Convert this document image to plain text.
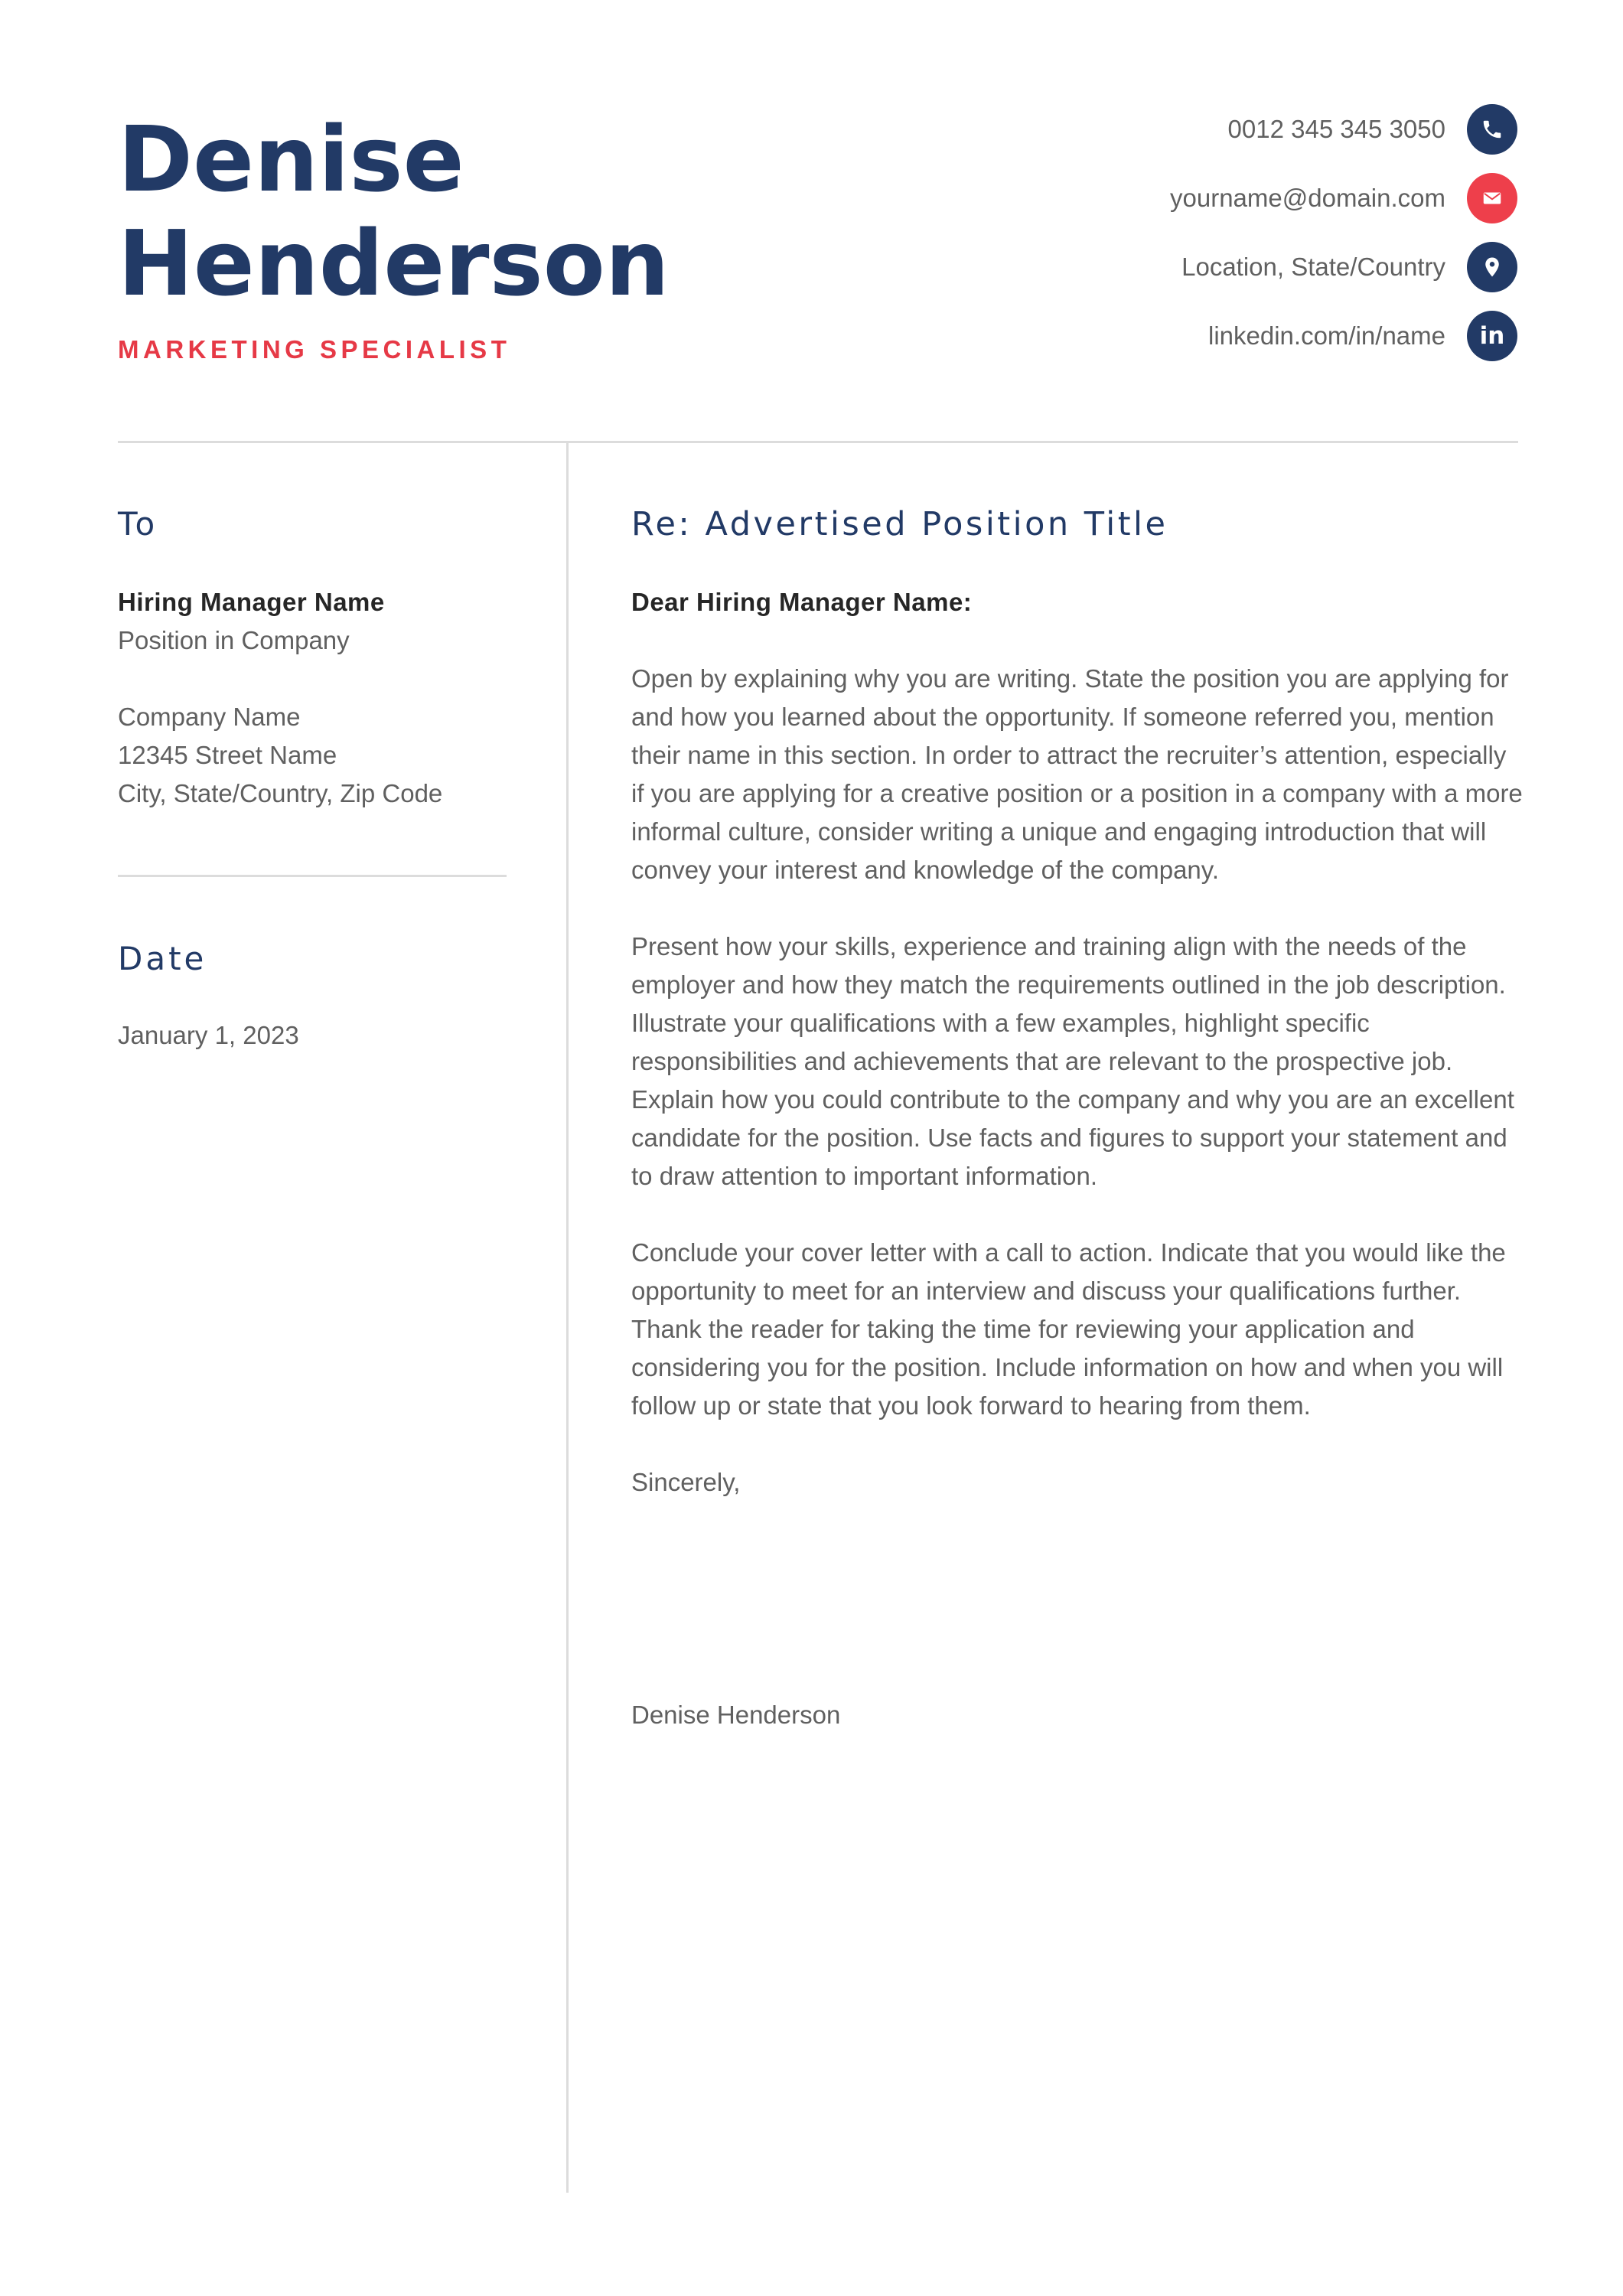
Denise
Henderson
MARKETING SPECIALIST
0012 345 345 3050
yourname@domain.com
Location, State/Country
linkedin.com/in/name in
To
Hiring Manager Name
Position in Company
Company Name
12345 Street Name
City, State/Country, Zip Code
Date
January 1, 2023
Re: Advertised Position Title

Dear Hiring Manager Name:

Open by explaining why you are writing. State the position you are applying for and how you learned about the opportunity. If someone referred you, mention their name in this section. In order to attract the recruiter’s attention, especially if you are applying for a creative position or a position in a company with a more informal culture, consider writing a unique and engaging introduction that will convey your interest and knowledge of the company.

Present how your skills, experience and training align with the needs of the employer and how they match the requirements outlined in the job description. Illustrate your qualifications with a few examples, highlight specific responsibilities and achievements that are relevant to the prospective job. Explain how you could contribute to the company and why you are an excellent candidate for the position. Use facts and figures to support your statement and to draw attention to important information.

Conclude your cover letter with a call to action. Indicate that you would like the opportunity to meet for an interview and discuss your qualifications further. Thank the reader for taking the time for reviewing your application and considering you for the position. Include information on how and when you will follow up or state that you look forward to hearing from them.

Sincerely,

Denise Henderson
